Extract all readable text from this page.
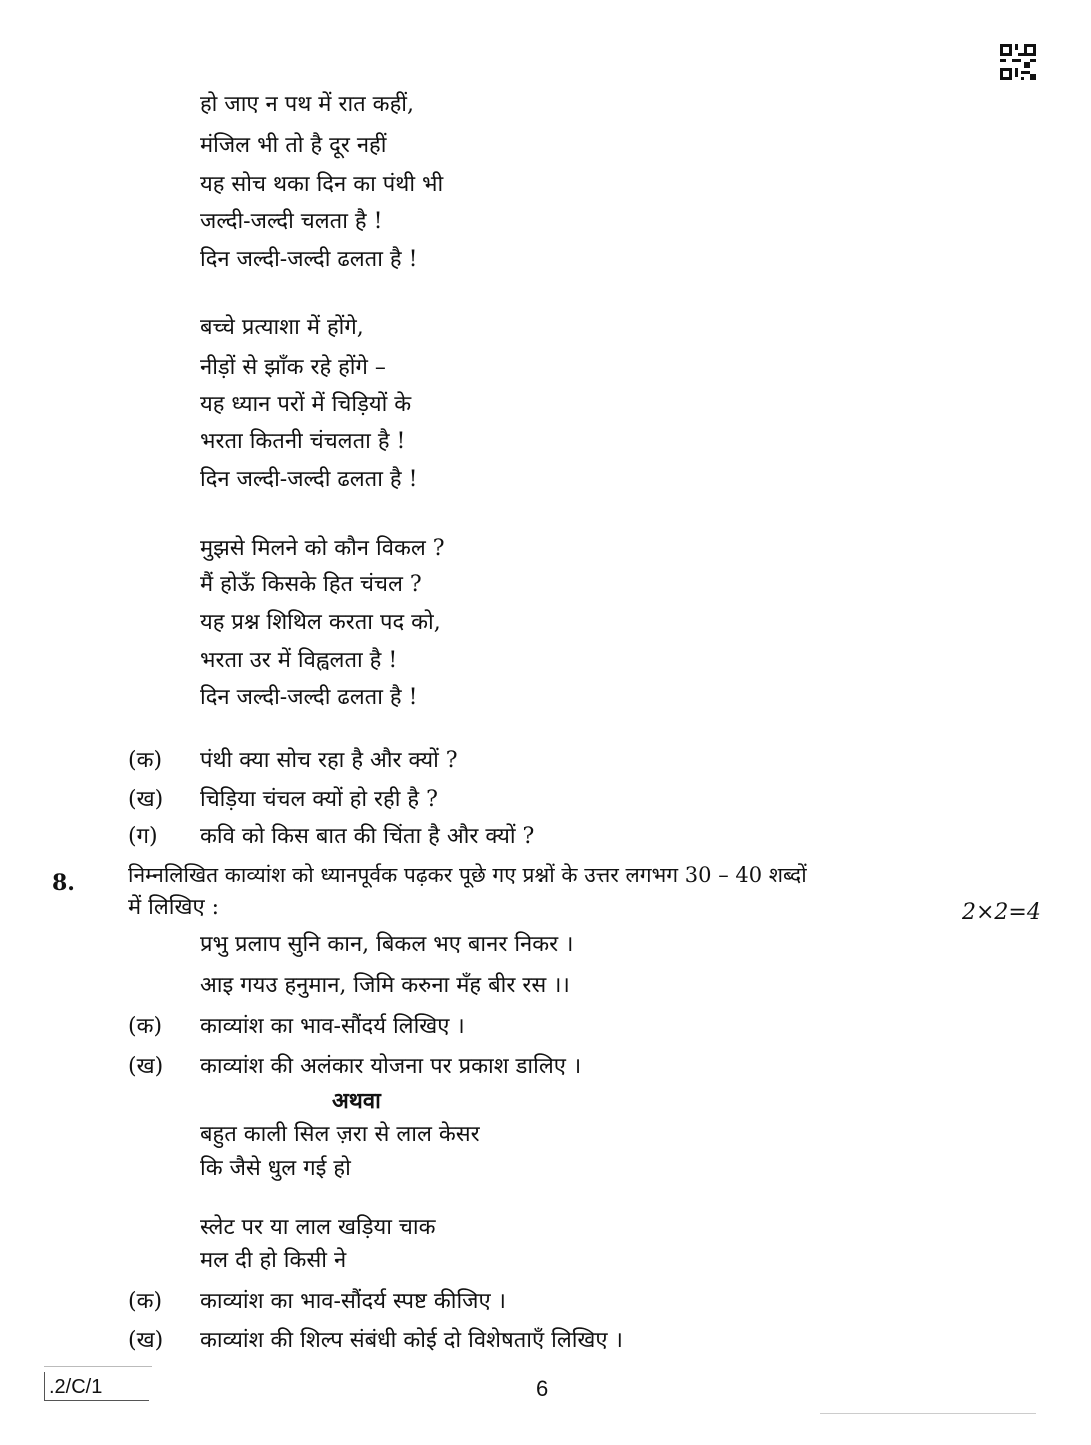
हो जाए न पथ में रात कहीं,
मंजिल भी तो है दूर नहीं
यह सोच थका दिन का पंथी भी
जल्दी-जल्दी चलता है !
दिन जल्दी-जल्दी ढलता है !
बच्चे प्रत्याशा में होंगे,
नीड़ों से झाँक रहे होंगे –
यह ध्यान परों में चिड़ियों के
भरता कितनी चंचलता है !
दिन जल्दी-जल्दी ढलता है !
मुझसे मिलने को कौन विकल ?
मैं होऊँ किसके हित चंचल ?
यह प्रश्न शिथिल करता पद को,
भरता उर में विह्वलता है !
दिन जल्दी-जल्दी ढलता है !
(क) पंथी क्या सोच रहा है और क्यों ?
(ख) चिड़िया चंचल क्यों हो रही है ?
(ग) कवि को किस बात की चिंता है और क्यों ?
8.	निम्नलिखित काव्यांश को ध्यानपूर्वक पढ़कर पूछे गए प्रश्नों के उत्तर लगभग 30 – 40 शब्दों
में लिखिए :	2×2=4
प्रभु प्रलाप सुनि कान, बिकल भए बानर निकर ।
आइ गयउ हनुमान, जिमि करुना मँह बीर रस ।।
(क) काव्यांश का भाव-सौंदर्य लिखिए ।
(ख) काव्यांश की अलंकार योजना पर प्रकाश डालिए ।
अथवा
बहुत काली सिल ज़रा से लाल केसर
कि जैसे धुल गई हो
स्लेट पर या लाल खड़िया चाक
मल दी हो किसी ने
(क) काव्यांश का भाव-सौंदर्य स्पष्ट कीजिए ।
(ख) काव्यांश की शिल्प संबंधी कोई दो विशेषताएँ लिखिए ।
.2/C/1	6
